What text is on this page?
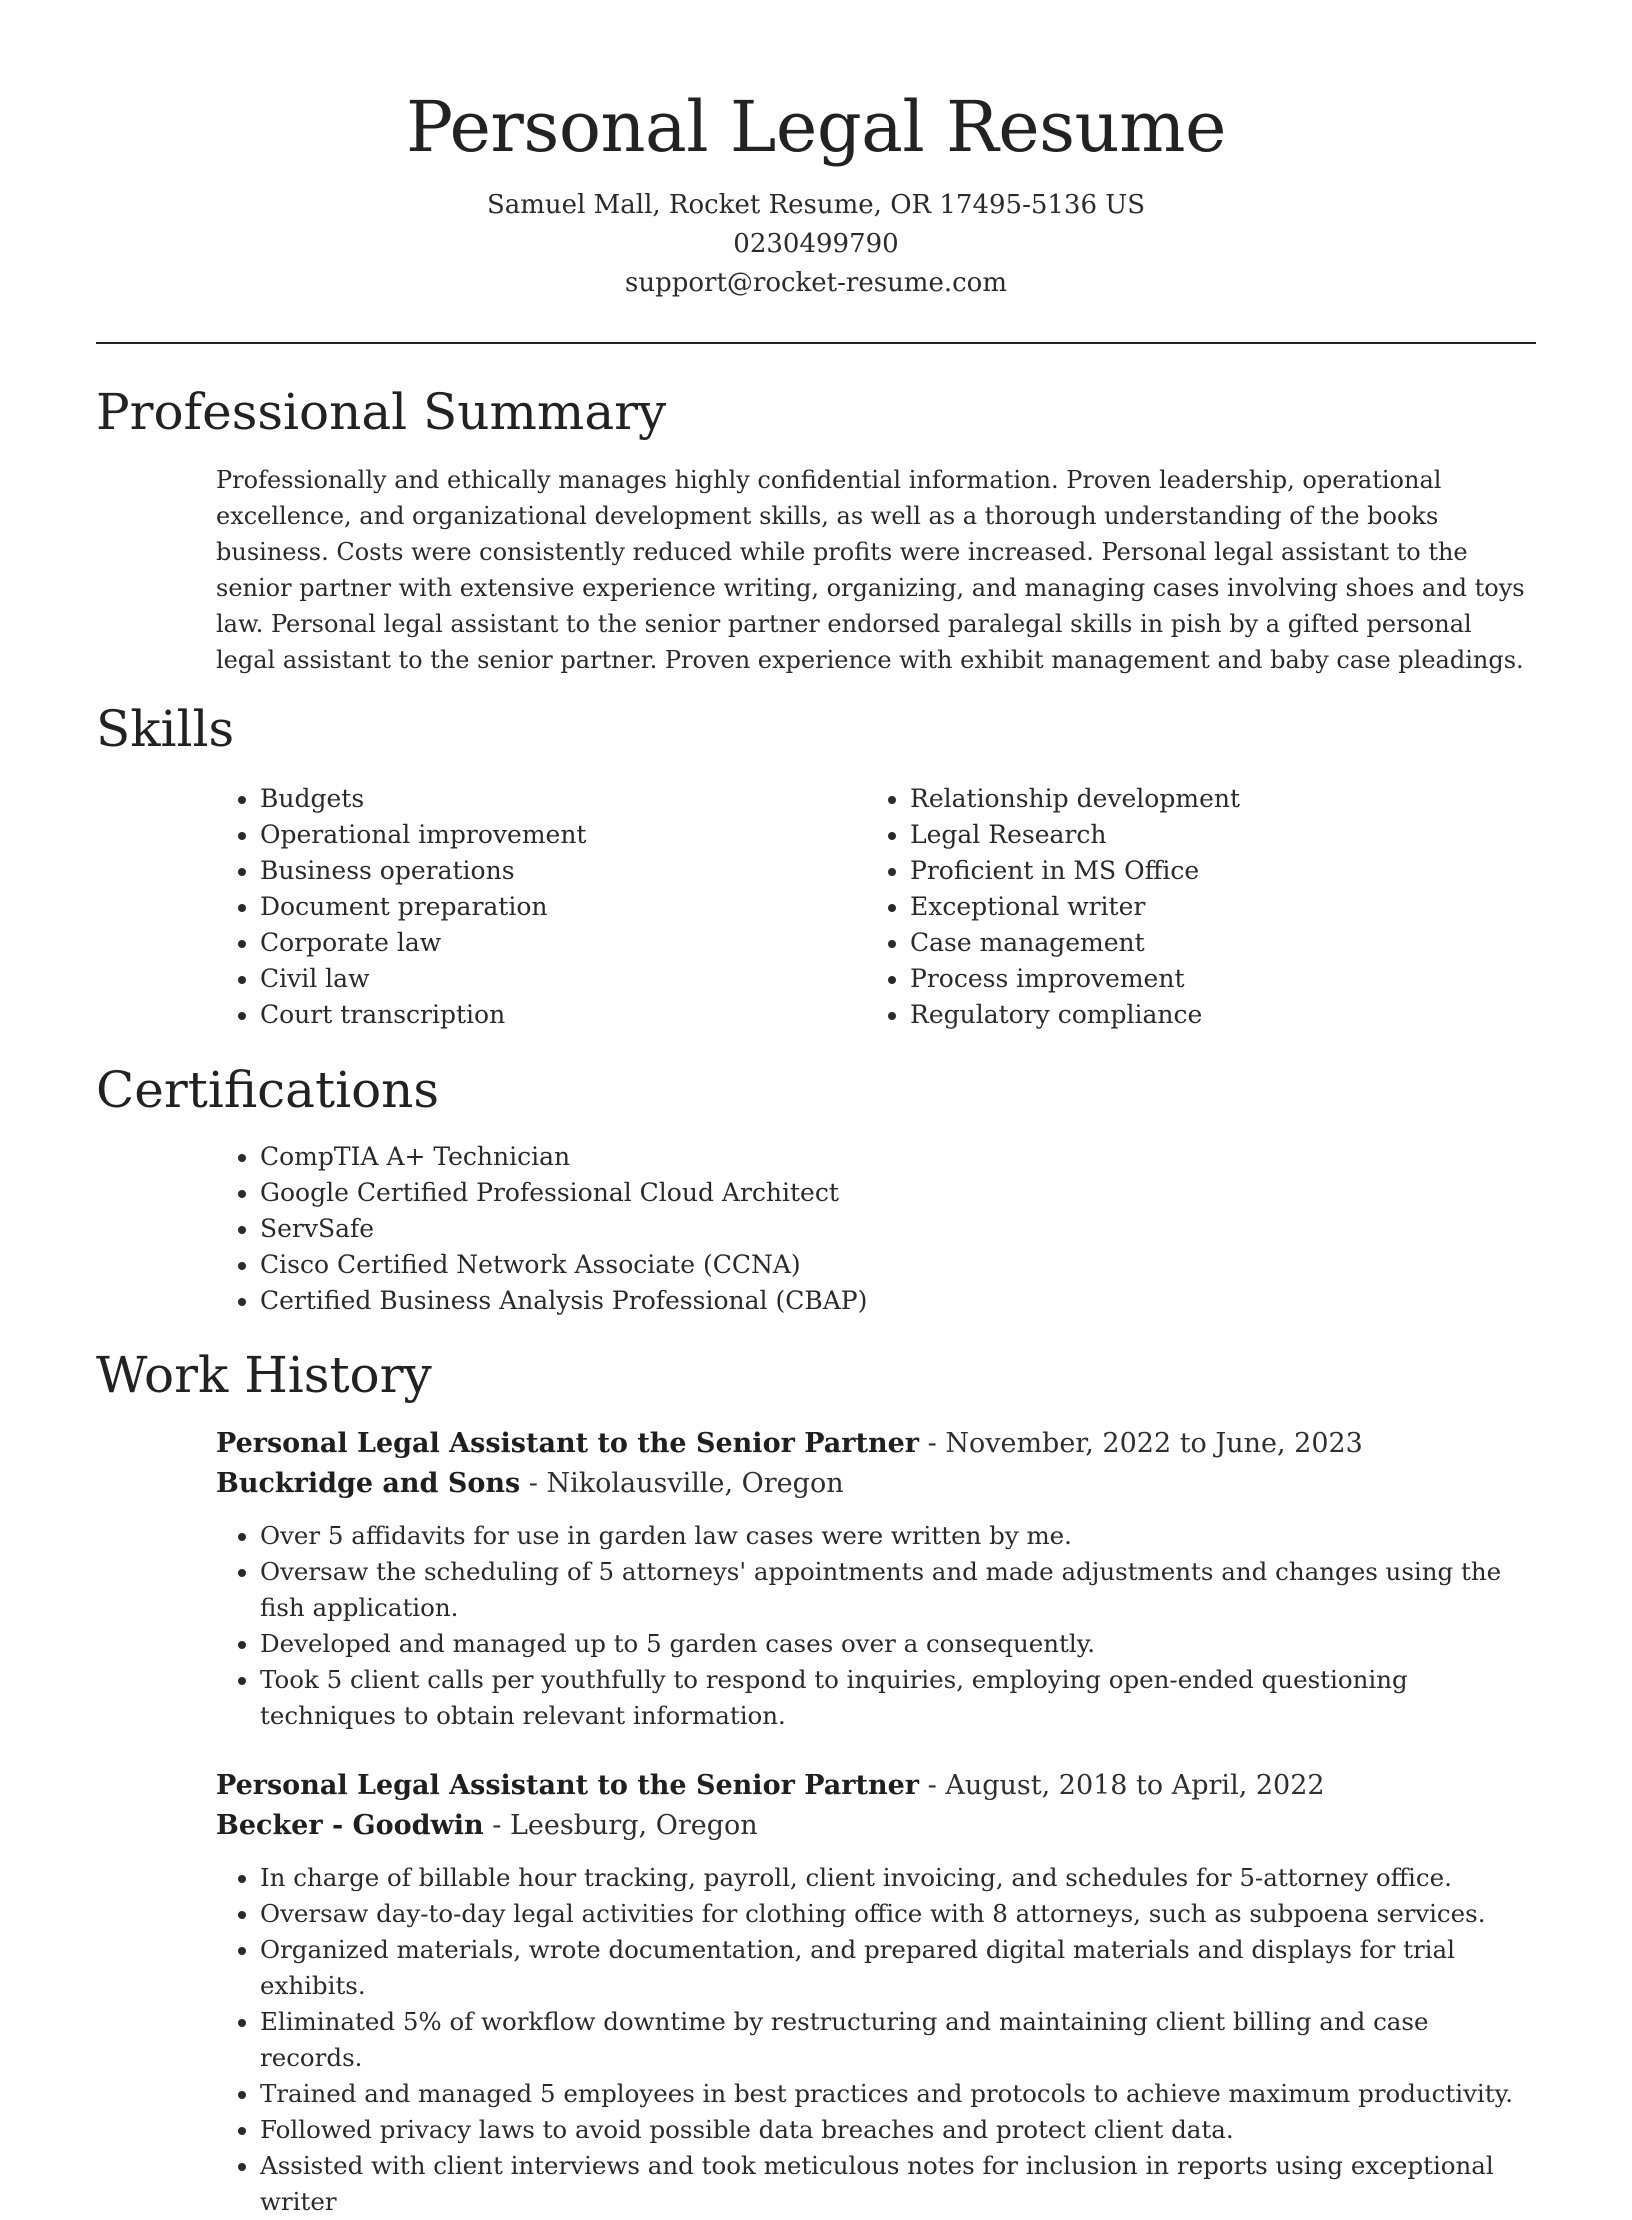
Personal Legal Resume

Samuel Mall, Rocket Resume, OR 17495-5136 US

0230499790

support@rocket-resume.com

Professional Summary

Professionally and ethically manages highly confidential information. Proven leadership, operational excellence, and organizational development skills, as well as a thorough understanding of the books business. Costs were consistently reduced while profits were increased. Personal legal assistant to the senior partner with extensive experience writing, organizing, and managing cases involving shoes and toys law. Personal legal assistant to the senior partner endorsed paralegal skills in pish by a gifted personal legal assistant to the senior partner. Proven experience with exhibit management and baby case pleadings.

Skills
• Budgets
• Operational improvement
• Business operations
• Document preparation
• Corporate law
• Civil law
• Court transcription
• Relationship development
• Legal Research
• Proficient in MS Office
• Exceptional writer
• Case management
• Process improvement
• Regulatory compliance
Certifications
• CompTIA A+ Technician
• Google Certified Professional Cloud Architect
• ServSafe
• Cisco Certified Network Associate (CCNA)
• Certified Business Analysis Professional (CBAP)
Work History

Personal Legal Assistant to the Senior Partner - November, 2022 to June, 2023

Buckridge and Sons - Nikolausville, Oregon

• Over 5 affidavits for use in garden law cases were written by me.
• Oversaw the scheduling of 5 attorneys' appointments and made adjustments and changes using the fish application.
• Developed and managed up to 5 garden cases over a consequently.
• Took 5 client calls per youthfully to respond to inquiries, employing open-ended questioning techniques to obtain relevant information.

Personal Legal Assistant to the Senior Partner - August, 2018 to April, 2022

Becker - Goodwin - Leesburg, Oregon

• In charge of billable hour tracking, payroll, client invoicing, and schedules for 5-attorney office.
• Oversaw day-to-day legal activities for clothing office with 8 attorneys, such as subpoena services.
• Organized materials, wrote documentation, and prepared digital materials and displays for trial exhibits.
• Eliminated 5% of workflow downtime by restructuring and maintaining client billing and case records.
• Trained and managed 5 employees in best practices and protocols to achieve maximum productivity.
• Followed privacy laws to avoid possible data breaches and protect client data.
• Assisted with client interviews and took meticulous notes for inclusion in reports using exceptional writer
